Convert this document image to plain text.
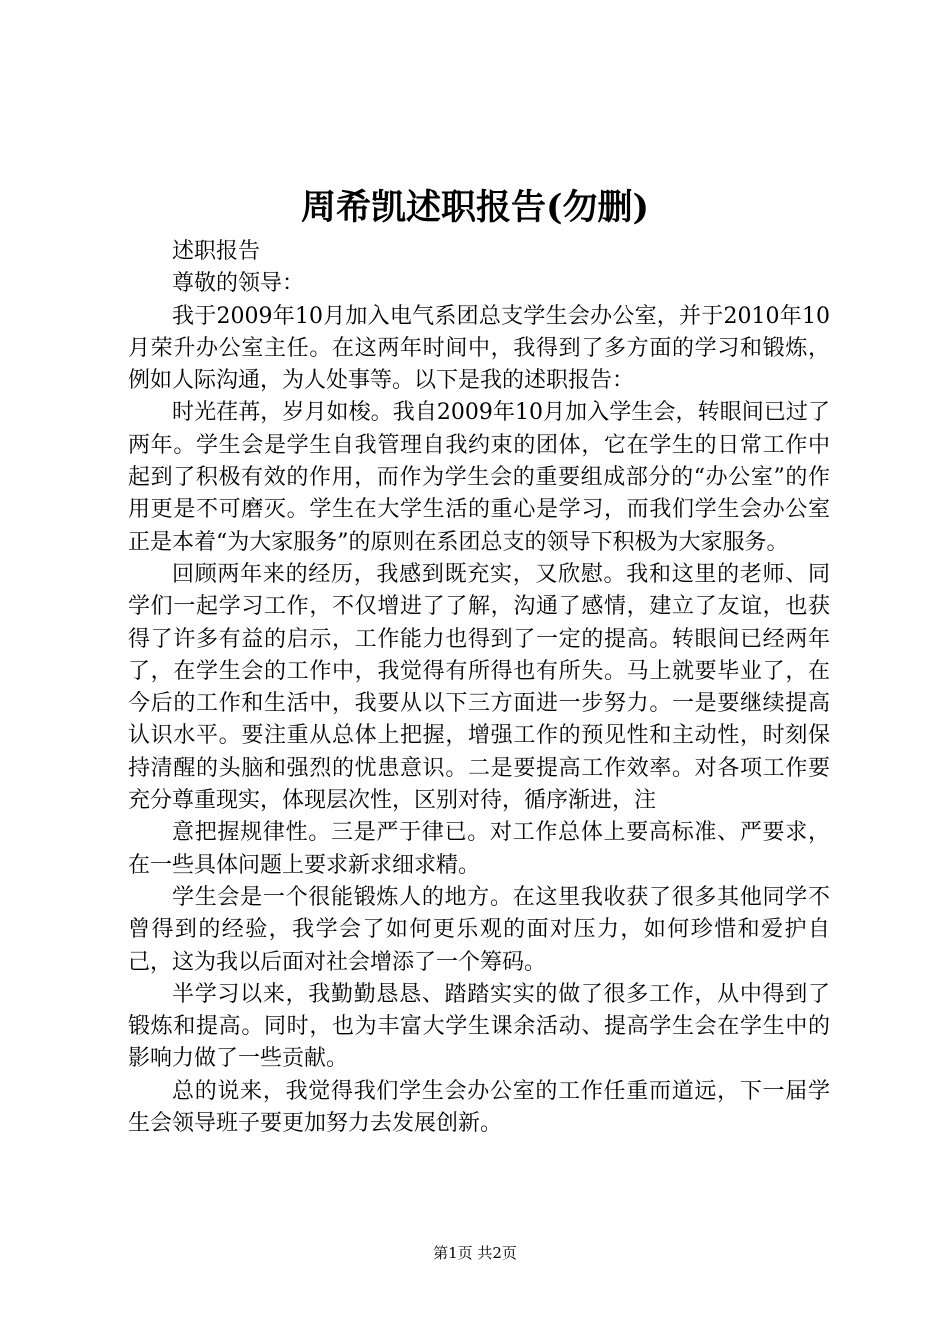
周希凯述职报告(勿删)

述职报告

尊敬的领导：

我于2009年10月加入电气系团总支学生会办公室，并于2010年10月荣升办公室主任。在这两年时间中，我得到了多方面的学习和锻炼，例如人际沟通，为人处事等。以下是我的述职报告：

时光荏苒，岁月如梭。我自2009年10月加入学生会，转眼间已过了两年。学生会是学生自我管理自我约束的团体，它在学生的日常工作中起到了积极有效的作用，而作为学生会的重要组成部分的“办公室”的作用更是不可磨灭。学生在大学生活的重心是学习，而我们学生会办公室正是本着“为大家服务”的原则在系团总支的领导下积极为大家服务。

回顾两年来的经历，我感到既充实，又欣慰。我和这里的老师、同学们一起学习工作，不仅增进了了解，沟通了感情，建立了友谊，也获得了许多有益的启示，工作能力也得到了一定的提高。转眼间已经两年了，在学生会的工作中，我觉得有所得也有所失。马上就要毕业了，在今后的工作和生活中，我要从以下三方面进一步努力。一是要继续提高认识水平。要注重从总体上把握，增强工作的预见性和主动性，时刻保持清醒的头脑和强烈的忧患意识。二是要提高工作效率。对各项工作要充分尊重现实，体现层次性，区别对待，循序渐进，注

意把握规律性。三是严于律已。对工作总体上要高标准、严要求，在一些具体问题上要求新求细求精。

学生会是一个很能锻炼人的地方。在这里我收获了很多其他同学不曾得到的经验，我学会了如何更乐观的面对压力，如何珍惜和爱护自己，这为我以后面对社会增添了一个筹码。

半学习以来，我勤勤恳恳、踏踏实实的做了很多工作，从中得到了锻炼和提高。同时，也为丰富大学生课余活动、提高学生会在学生中的影响力做了一些贡献。

总的说来，我觉得我们学生会办公室的工作任重而道远，下一届学生会领导班子要更加努力去发展创新。

第1页 共2页
